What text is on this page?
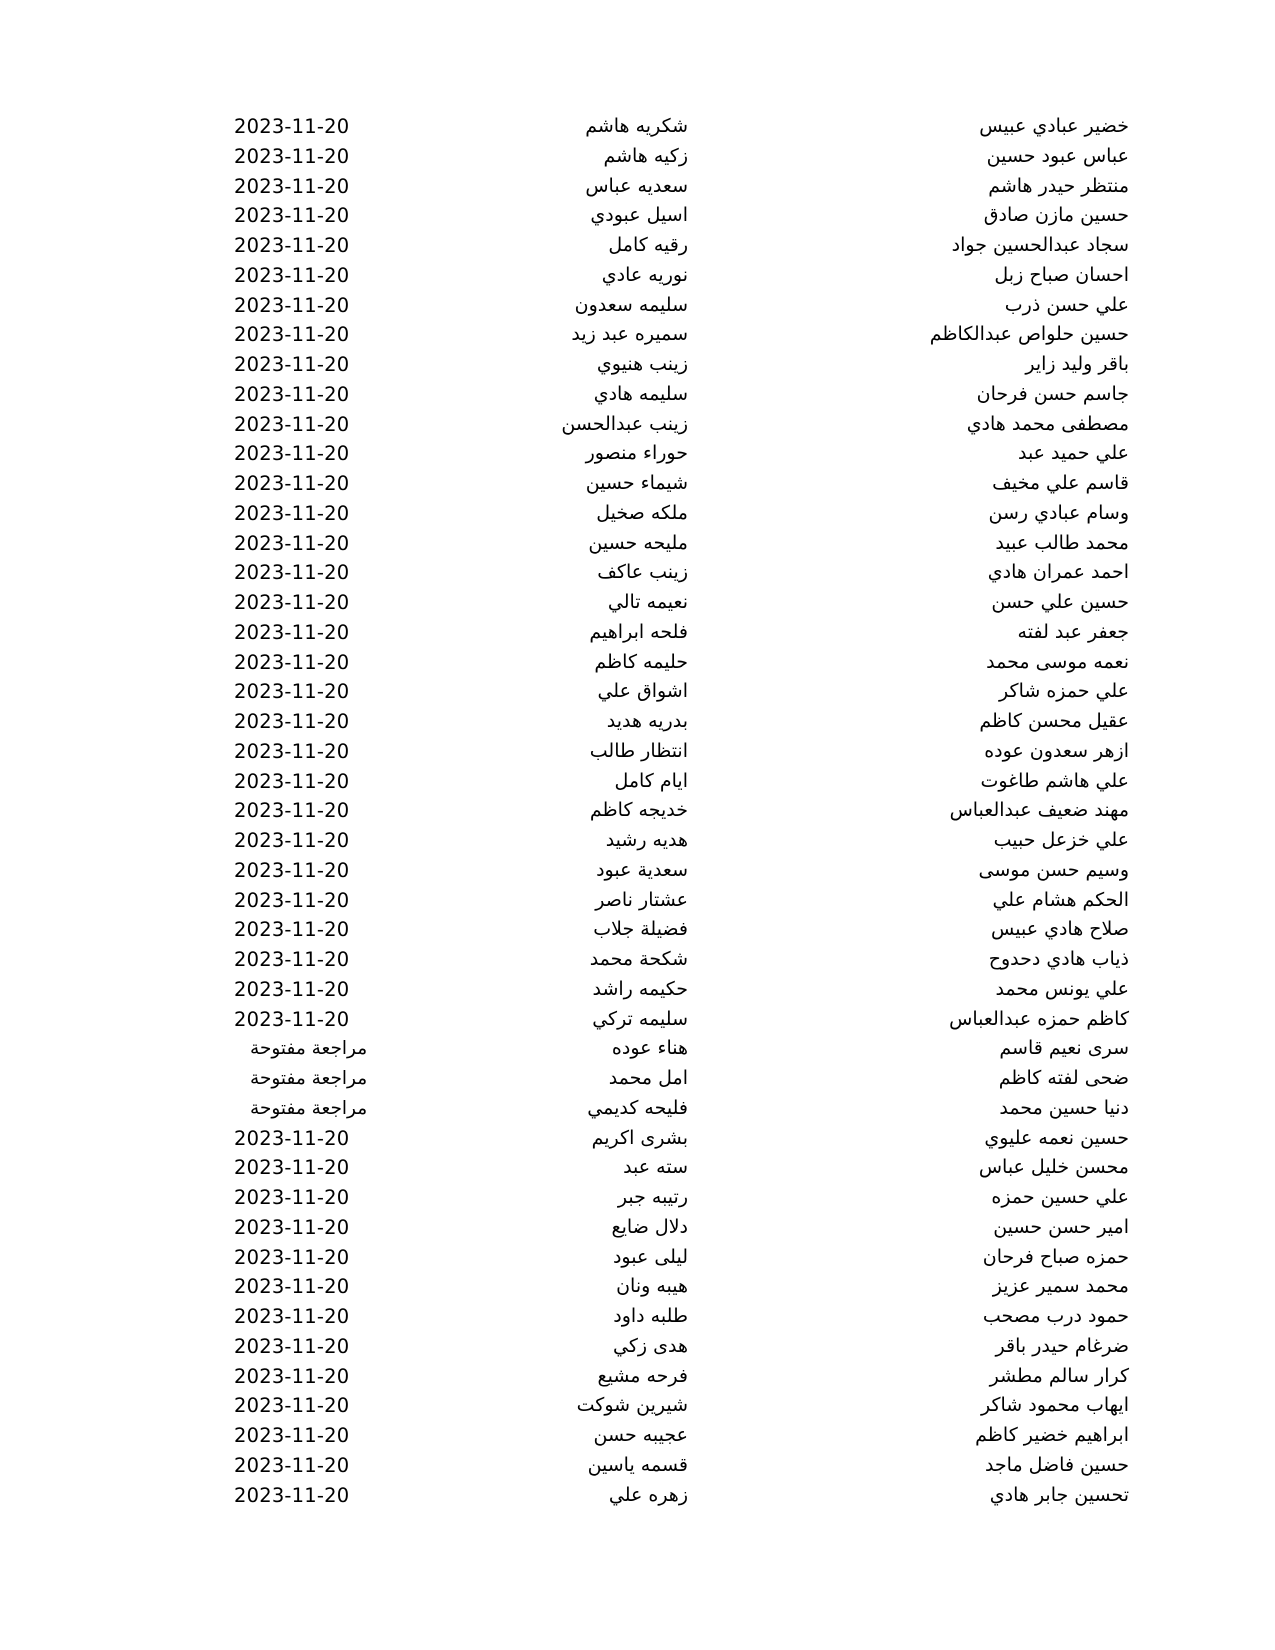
خضير عبادي عبيس
شكريه هاشم
2023-11-20
عباس عبود حسين
زكيه هاشم
2023-11-20
منتظر حيدر هاشم
سعديه عباس
2023-11-20
حسين مازن صادق
اسيل عبودي
2023-11-20
سجاد عبدالحسين جواد
رقيه كامل
2023-11-20
احسان صباح زبل
نوريه عادي
2023-11-20
علي حسن ذرب
سليمه سعدون
2023-11-20
حسين حلواص عبدالكاظم
سميره عبد زيد
2023-11-20
باقر وليد زاير
زينب هنيوي
2023-11-20
جاسم حسن فرحان
سليمه هادي
2023-11-20
مصطفى محمد هادي
زينب عبدالحسن
2023-11-20
علي حميد عبد
حوراء منصور
2023-11-20
قاسم علي مخيف
شيماء حسين
2023-11-20
وسام عبادي رسن
ملكه صخيل
2023-11-20
محمد طالب عبيد
مليحه حسين
2023-11-20
احمد عمران هادي
زينب عاكف
2023-11-20
حسين علي حسن
نعيمه تالي
2023-11-20
جعفر عبد لفته
فلحه ابراهيم
2023-11-20
نعمه موسى محمد
حليمه كاظم
2023-11-20
علي حمزه شاكر
اشواق علي
2023-11-20
عقيل محسن كاظم
بدريه هديد
2023-11-20
ازهر سعدون عوده
انتظار طالب
2023-11-20
علي هاشم طاغوت
ايام كامل
2023-11-20
مهند ضعيف عبدالعباس
خديجه كاظم
2023-11-20
علي خزعل حبيب
هديه رشيد
2023-11-20
وسيم حسن موسى
سعدية عبود
2023-11-20
الحكم هشام علي
عشتار ناصر
2023-11-20
صلاح هادي عبيس
فضيلة جلاب
2023-11-20
ذياب هادي دحدوح
شكحة محمد
2023-11-20
علي يونس محمد
حكيمه راشد
2023-11-20
كاظم حمزه عبدالعباس
سليمه تركي
2023-11-20
سرى نعيم قاسم
هناء عوده
مراجعة مفتوحة
ضحى لفته كاظم
امل محمد
مراجعة مفتوحة
دنيا حسين محمد
فليحه كديمي
مراجعة مفتوحة
حسين نعمه عليوي
بشرى اكريم
2023-11-20
محسن خليل عباس
سته عبد
2023-11-20
علي حسين حمزه
رتيبه جبر
2023-11-20
امير حسن حسين
دلال ضايع
2023-11-20
حمزه صباح فرحان
ليلى عبود
2023-11-20
محمد سمير عزيز
هيبه ونان
2023-11-20
حمود درب مصحب
طلبه داود
2023-11-20
ضرغام حيدر باقر
هدى زكي
2023-11-20
كرار سالم مطشر
فرحه مشيع
2023-11-20
ايهاب محمود شاكر
شيرين شوكت
2023-11-20
ابراهيم خضير كاظم
عجيبه حسن
2023-11-20
حسين فاضل ماجد
قسمه ياسين
2023-11-20
تحسين جابر هادي
زهره علي
2023-11-20
